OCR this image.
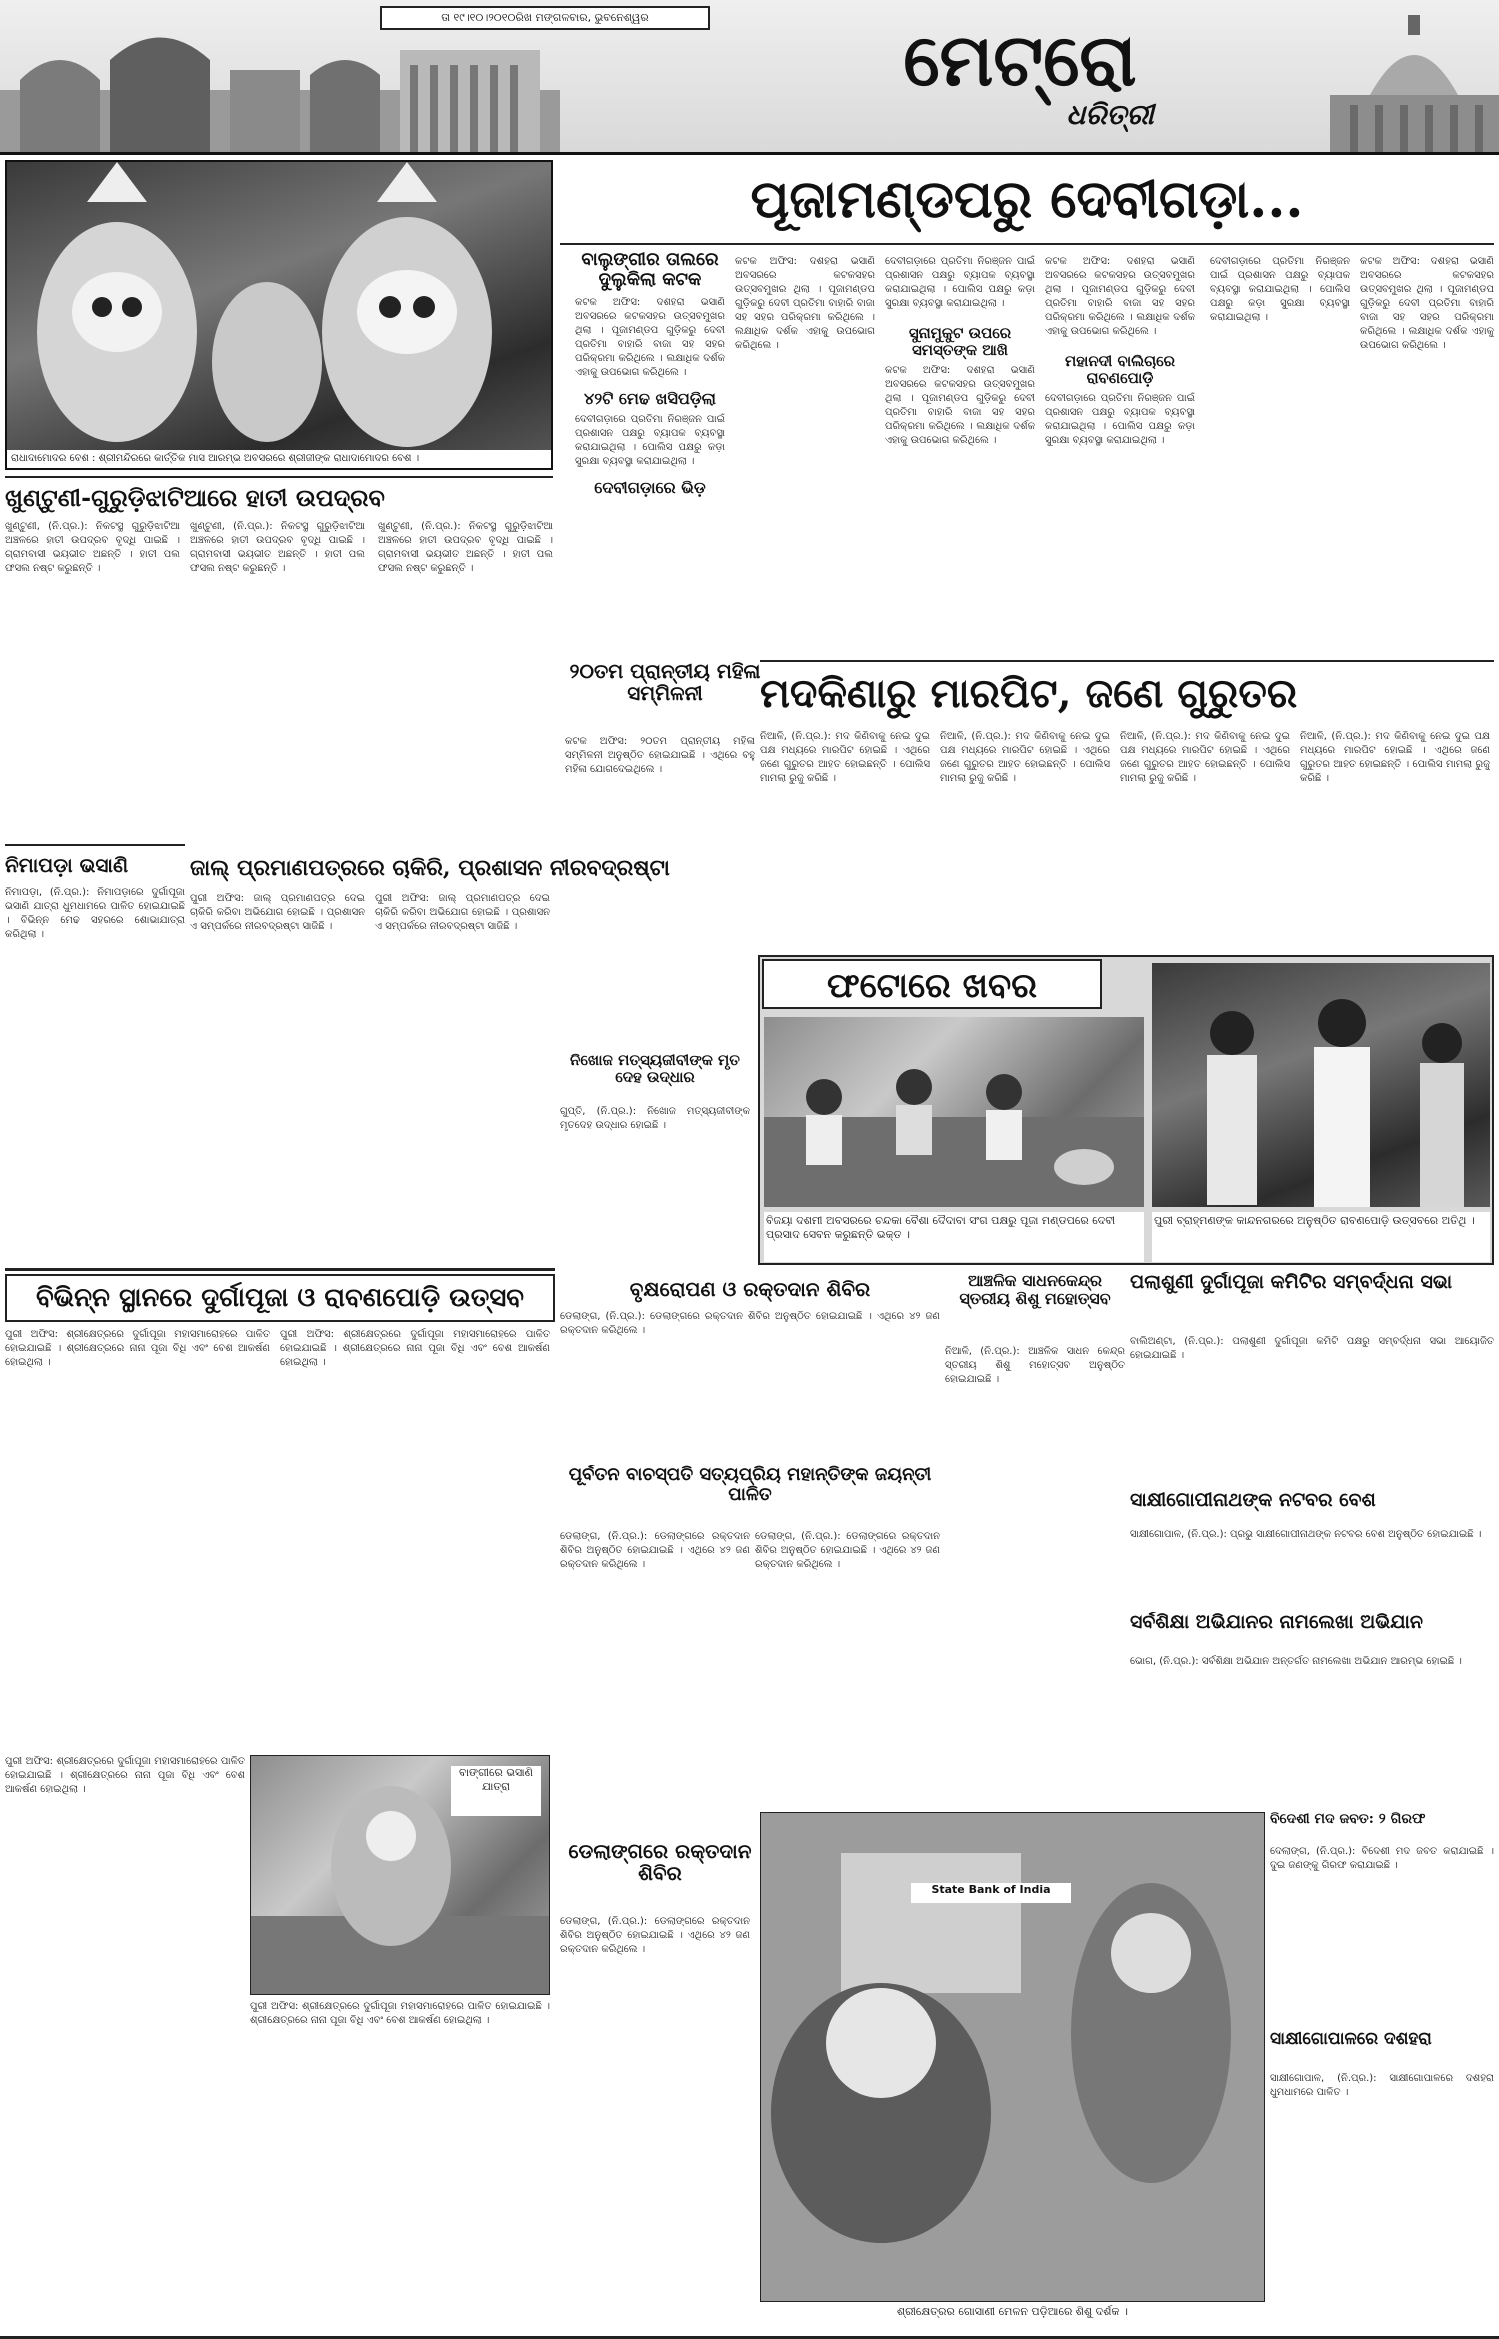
ତା ୧୯।୧୦।୨୦୧୦ରିଖ ମଙ୍ଗଳବାର, ଭୁବନେଶ୍ୱର	ମେଟ୍ରୋ
ଧରିତ୍ରୀ
ରାଧାଦାମୋଦର ବେଶ : ଶ୍ରୀମନ୍ଦିରରେ କାର୍ତ୍ତିକ ମାସ ଆରମ୍ଭ ଅବସରରେ ଶ୍ରୀଜୀଙ୍କ ରାଧାଦାମୋଦର ବେଶ ।
ପୂଜାମଣ୍ଡପରୁ ଦେବୀଗଡ଼ା...
ବାଲୁଙ୍ଗୀର ତାଲରେ ଦୁଲୁକିଲା କଟକ
କଟକ ଅଫିସ: ଦଶହରା ଭସାଣି ଅବସରରେ କଟକସହର ଉତ୍ସବମୁଖର ଥିଲା । ପୂଜାମଣ୍ଡପ ଗୁଡ଼ିକରୁ ଦେବୀ ପ୍ରତିମା ବାହାରି ବାଜା ସହ ସହର ପରିକ୍ରମା କରିଥିଲେ । ଲକ୍ଷାଧିକ ଦର୍ଶକ ଏହାକୁ ଉପଭୋଗ କରିଥିଲେ ।
୪୨ଟି ମେଢ ଖସିପଡ଼ିଲା
ଦେବୀଗଡ଼ାରେ ପ୍ରତିମା ନିରଞ୍ଜନ ପାଇଁ ପ୍ରଶାସନ ପକ୍ଷରୁ ବ୍ୟାପକ ବ୍ୟବସ୍ଥା କରାଯାଇଥିଲା । ପୋଲିସ ପକ୍ଷରୁ କଡ଼ା ସୁରକ୍ଷା ବ୍ୟବସ୍ଥା କରାଯାଇଥିଲା ।
ଦେବୀଗଡ଼ାରେ ଭିଡ଼
କଟକ ଅଫିସ: ଦଶହରା ଭସାଣି ଅବସରରେ କଟକସହର ଉତ୍ସବମୁଖର ଥିଲା । ପୂଜାମଣ୍ଡପ ଗୁଡ଼ିକରୁ ଦେବୀ ପ୍ରତିମା ବାହାରି ବାଜା ସହ ସହର ପରିକ୍ରମା କରିଥିଲେ । ଲକ୍ଷାଧିକ ଦର୍ଶକ ଏହାକୁ ଉପଭୋଗ କରିଥିଲେ ।
ଦେବୀଗଡ଼ାରେ ପ୍ରତିମା ନିରଞ୍ଜନ ପାଇଁ ପ୍ରଶାସନ ପକ୍ଷରୁ ବ୍ୟାପକ ବ୍ୟବସ୍ଥା କରାଯାଇଥିଲା । ପୋଲିସ ପକ୍ଷରୁ କଡ଼ା ସୁରକ୍ଷା ବ୍ୟବସ୍ଥା କରାଯାଇଥିଲା ।
ସୁନାମୁକୁଟ ଉପରେ ସମସ୍ତଙ୍କ ଆଖି
କଟକ ଅଫିସ: ଦଶହରା ଭସାଣି ଅବସରରେ କଟକସହର ଉତ୍ସବମୁଖର ଥିଲା । ପୂଜାମଣ୍ଡପ ଗୁଡ଼ିକରୁ ଦେବୀ ପ୍ରତିମା ବାହାରି ବାଜା ସହ ସହର ପରିକ୍ରମା କରିଥିଲେ । ଲକ୍ଷାଧିକ ଦର୍ଶକ ଏହାକୁ ଉପଭୋଗ କରିଥିଲେ ।
କଟକ ଅଫିସ: ଦଶହରା ଭସାଣି ଅବସରରେ କଟକସହର ଉତ୍ସବମୁଖର ଥିଲା । ପୂଜାମଣ୍ଡପ ଗୁଡ଼ିକରୁ ଦେବୀ ପ୍ରତିମା ବାହାରି ବାଜା ସହ ସହର ପରିକ୍ରମା କରିଥିଲେ । ଲକ୍ଷାଧିକ ଦର୍ଶକ ଏହାକୁ ଉପଭୋଗ କରିଥିଲେ ।
ମହାନଦୀ ବାଲିଚାରେ ରାବଣପୋଡ଼ି
ଦେବୀଗଡ଼ାରେ ପ୍ରତିମା ନିରଞ୍ଜନ ପାଇଁ ପ୍ରଶାସନ ପକ୍ଷରୁ ବ୍ୟାପକ ବ୍ୟବସ୍ଥା କରାଯାଇଥିଲା । ପୋଲିସ ପକ୍ଷରୁ କଡ଼ା ସୁରକ୍ଷା ବ୍ୟବସ୍ଥା କରାଯାଇଥିଲା ।
ଦେବୀଗଡ଼ାରେ ପ୍ରତିମା ନିରଞ୍ଜନ ପାଇଁ ପ୍ରଶାସନ ପକ୍ଷରୁ ବ୍ୟାପକ ବ୍ୟବସ୍ଥା କରାଯାଇଥିଲା । ପୋଲିସ ପକ୍ଷରୁ କଡ଼ା ସୁରକ୍ଷା ବ୍ୟବସ୍ଥା କରାଯାଇଥିଲା ।
କଟକ ଅଫିସ: ଦଶହରା ଭସାଣି ଅବସରରେ କଟକସହର ଉତ୍ସବମୁଖର ଥିଲା । ପୂଜାମଣ୍ଡପ ଗୁଡ଼ିକରୁ ଦେବୀ ପ୍ରତିମା ବାହାରି ବାଜା ସହ ସହର ପରିକ୍ରମା କରିଥିଲେ । ଲକ୍ଷାଧିକ ଦର୍ଶକ ଏହାକୁ ଉପଭୋଗ କରିଥିଲେ ।
ଖୁଣ୍ଟୁଣୀ-ଗୁରୁଡ଼ିଝାଟିଆରେ ହାତୀ ଉପଦ୍ରବ
ଖୁଣ୍ଟୁଣୀ, (ନି.ପ୍ର.): ନିକଟସ୍ଥ ଗୁରୁଡ଼ିଝାଟିଆ ଅଞ୍ଚଳରେ ହାତୀ ଉପଦ୍ରବ ବୃଦ୍ଧି ପାଇଛି । ଗ୍ରାମବାସୀ ଭୟଭୀତ ଅଛନ୍ତି । ହାତୀ ପଲ ଫସଲ ନଷ୍ଟ କରୁଛନ୍ତି ।
ଖୁଣ୍ଟୁଣୀ, (ନି.ପ୍ର.): ନିକଟସ୍ଥ ଗୁରୁଡ଼ିଝାଟିଆ ଅଞ୍ଚଳରେ ହାତୀ ଉପଦ୍ରବ ବୃଦ୍ଧି ପାଇଛି । ଗ୍ରାମବାସୀ ଭୟଭୀତ ଅଛନ୍ତି । ହାତୀ ପଲ ଫସଲ ନଷ୍ଟ କରୁଛନ୍ତି ।
ଖୁଣ୍ଟୁଣୀ, (ନି.ପ୍ର.): ନିକଟସ୍ଥ ଗୁରୁଡ଼ିଝାଟିଆ ଅଞ୍ଚଳରେ ହାତୀ ଉପଦ୍ରବ ବୃଦ୍ଧି ପାଇଛି । ଗ୍ରାମବାସୀ ଭୟଭୀତ ଅଛନ୍ତି । ହାତୀ ପଲ ଫସଲ ନଷ୍ଟ କରୁଛନ୍ତି ।
ନିମାପଡ଼ା ଭସାଣି
ନିମାପଡ଼ା, (ନି.ପ୍ର.): ନିମାପଡ଼ାରେ ଦୁର୍ଗାପୂଜା ଭସାଣି ଯାତ୍ରା ଧୁମଧାମରେ ପାଳିତ ହୋଇଯାଇଛି । ବିଭିନ୍ନ ମେଢ ସହରରେ ଶୋଭାଯାତ୍ରା କରିଥିଲା ।
ଜାଲ୍ ପ୍ରମାଣପତ୍ରରେ ଚାକିରି, ପ୍ରଶାସନ ନୀରବଦ୍ରଷ୍ଟା
ପୁରୀ ଅଫିସ: ଜାଲ୍ ପ୍ରମାଣପତ୍ର ଦେଇ ଚାକିରି କରିବା ଅଭିଯୋଗ ହୋଇଛି । ପ୍ରଶାସନ ଏ ସମ୍ପର୍କରେ ନୀରବଦ୍ରଷ୍ଟା ସାଜିଛି ।
ପୁରୀ ଅଫିସ: ଜାଲ୍ ପ୍ରମାଣପତ୍ର ଦେଇ ଚାକିରି କରିବା ଅଭିଯୋଗ ହୋଇଛି । ପ୍ରଶାସନ ଏ ସମ୍ପର୍କରେ ନୀରବଦ୍ରଷ୍ଟା ସାଜିଛି ।
୨୦ତମ ପ୍ରାନ୍ତୀୟ ମହିଳା ସମ୍ମିଳନୀ
କଟକ ଅଫିସ: ୨୦ତମ ପ୍ରାନ୍ତୀୟ ମହିଳା ସମ୍ମିଳନୀ ଅନୁଷ୍ଠିତ ହୋଇଯାଇଛି । ଏଥିରେ ବହୁ ମହିଳା ଯୋଗଦେଇଥିଲେ ।
ନିଖୋଜ ମତ୍ସ୍ୟଜୀବୀଙ୍କ ମୃତ ଦେହ ଉଦ୍ଧାର
ଗୁପ୍ତି, (ନି.ପ୍ର.): ନିଖୋଜ ମତ୍ସ୍ୟଜୀବୀଙ୍କ ମୃତଦେହ ଉଦ୍ଧାର ହୋଇଛି ।
ମଦକିଣାରୁ ମାରପିଟ, ଜଣେ ଗୁରୁତର
ନିଆଳି, (ନି.ପ୍ର.): ମଦ କିଣିବାକୁ ନେଇ ଦୁଇ ପକ୍ଷ ମଧ୍ୟରେ ମାରପିଟ ହୋଇଛି । ଏଥିରେ ଜଣେ ଗୁରୁତର ଆହତ ହୋଇଛନ୍ତି । ପୋଲିସ ମାମଲା ରୁଜୁ କରିଛି ।
ନିଆଳି, (ନି.ପ୍ର.): ମଦ କିଣିବାକୁ ନେଇ ଦୁଇ ପକ୍ଷ ମଧ୍ୟରେ ମାରପିଟ ହୋଇଛି । ଏଥିରେ ଜଣେ ଗୁରୁତର ଆହତ ହୋଇଛନ୍ତି । ପୋଲିସ ମାମଲା ରୁଜୁ କରିଛି ।
ନିଆଳି, (ନି.ପ୍ର.): ମଦ କିଣିବାକୁ ନେଇ ଦୁଇ ପକ୍ଷ ମଧ୍ୟରେ ମାରପିଟ ହୋଇଛି । ଏଥିରେ ଜଣେ ଗୁରୁତର ଆହତ ହୋଇଛନ୍ତି । ପୋଲିସ ମାମଲା ରୁଜୁ କରିଛି ।
ନିଆଳି, (ନି.ପ୍ର.): ମଦ କିଣିବାକୁ ନେଇ ଦୁଇ ପକ୍ଷ ମଧ୍ୟରେ ମାରପିଟ ହୋଇଛି । ଏଥିରେ ଜଣେ ଗୁରୁତର ଆହତ ହୋଇଛନ୍ତି । ପୋଲିସ ମାମଲା ରୁଜୁ କରିଛି ।
ଫଟୋରେ ଖବର
ବିଜୟା ଦଶମୀ ଅବସରରେ ଚନ୍ଦକା ବୈଶା ଦୈଦାବା ସଂଗ ପକ୍ଷରୁ ପୂଜା ମଣ୍ଡପରେ ଦେବୀ ପ୍ରସାଦ ସେବନ କରୁଛନ୍ତି ଭକ୍ତ ।
ପୁରୀ ବ୍ରାହ୍ମଣଙ୍କ କାନ୍ଦନଗରରେ ଅନୁଷ୍ଠିତ ରାବଣପୋଡ଼ି ଉତ୍ସବରେ ଅତିଥି ।
ବିଭିନ୍ନ ସ୍ଥାନରେ ଦୁର୍ଗାପୂଜା ଓ ରାବଣପୋଡ଼ି ଉତ୍ସବ
ପୁରୀ ଅଫିସ: ଶ୍ରୀକ୍ଷେତ୍ରରେ ଦୁର୍ଗାପୂଜା ମହାସମାରୋହରେ ପାଳିତ ହୋଇଯାଇଛି । ଶ୍ରୀକ୍ଷେତ୍ରରେ ନାନା ପୂଜା ବିଧି ଏବଂ ବେଶ ଆକର୍ଷଣ ହୋଇଥିଲା ।
ପୁରୀ ଅଫିସ: ଶ୍ରୀକ୍ଷେତ୍ରରେ ଦୁର୍ଗାପୂଜା ମହାସମାରୋହରେ ପାଳିତ ହୋଇଯାଇଛି । ଶ୍ରୀକ୍ଷେତ୍ରରେ ନାନା ପୂଜା ବିଧି ଏବଂ ବେଶ ଆକର୍ଷଣ ହୋଇଥିଲା ।
ବାଙ୍ଗୀରେ ଭସାଣି ଯାତ୍ରା
ପୁରୀ ଅଫିସ: ଶ୍ରୀକ୍ଷେତ୍ରରେ ଦୁର୍ଗାପୂଜା ମହାସମାରୋହରେ ପାଳିତ ହୋଇଯାଇଛି । ଶ୍ରୀକ୍ଷେତ୍ରରେ ନାନା ପୂଜା ବିଧି ଏବଂ ବେଶ ଆକର୍ଷଣ ହୋଇଥିଲା ।
ପୁରୀ ଅଫିସ: ଶ୍ରୀକ୍ଷେତ୍ରରେ ଦୁର୍ଗାପୂଜା ମହାସମାରୋହରେ ପାଳିତ ହୋଇଯାଇଛି । ଶ୍ରୀକ୍ଷେତ୍ରରେ ନାନା ପୂଜା ବିଧି ଏବଂ ବେଶ ଆକର୍ଷଣ ହୋଇଥିଲା ।
ବୃକ୍ଷରୋପଣ ଓ ରକ୍ତଦାନ ଶିବିର
ଡେଲାଙ୍ଗ, (ନି.ପ୍ର.): ଡେଲାଙ୍ଗରେ ରକ୍ତଦାନ ଶିବିର ଅନୁଷ୍ଠିତ ହୋଇଯାଇଛି । ଏଥିରେ ୪୨ ଜଣ ରକ୍ତଦାନ କରିଥିଲେ ।
ପୂର୍ବତନ ବାଚସ୍ପତି ସତ୍ୟପ୍ରିୟ ମହାନ୍ତିଙ୍କ ଜୟନ୍ତୀ ପାଳିତ
ଡେଲାଙ୍ଗ, (ନି.ପ୍ର.): ଡେଲାଙ୍ଗରେ ରକ୍ତଦାନ ଶିବିର ଅନୁଷ୍ଠିତ ହୋଇଯାଇଛି । ଏଥିରେ ୪୨ ଜଣ ରକ୍ତଦାନ କରିଥିଲେ ।
ଡେଲାଙ୍ଗ, (ନି.ପ୍ର.): ଡେଲାଙ୍ଗରେ ରକ୍ତଦାନ ଶିବିର ଅନୁଷ୍ଠିତ ହୋଇଯାଇଛି । ଏଥିରେ ୪୨ ଜଣ ରକ୍ତଦାନ କରିଥିଲେ ।
ଡେଲାଙ୍ଗରେ ରକ୍ତଦାନ ଶିବିର
ଡେଲାଙ୍ଗ, (ନି.ପ୍ର.): ଡେଲାଙ୍ଗରେ ରକ୍ତଦାନ ଶିବିର ଅନୁଷ୍ଠିତ ହୋଇଯାଇଛି । ଏଥିରେ ୪୨ ଜଣ ରକ୍ତଦାନ କରିଥିଲେ ।
ଆଞ୍ଚଳିକ ସାଧନକେନ୍ଦ୍ର ସ୍ତରୀୟ ଶିଶୁ ମହୋତ୍ସବ
ନିଆଳି, (ନି.ପ୍ର.): ଆଞ୍ଚଳିକ ସାଧନ କେନ୍ଦ୍ର ସ୍ତରୀୟ ଶିଶୁ ମହୋତ୍ସବ ଅନୁଷ୍ଠିତ ହୋଇଯାଇଛି ।
ପଲାଶୁଣୀ ଦୁର୍ଗାପୂଜା କମିଟିର ସମ୍ବର୍ଦ୍ଧନା ସଭା
ବାଲିଅଣ୍ଟା, (ନି.ପ୍ର.): ପଲାଶୁଣୀ ଦୁର୍ଗାପୂଜା କମିଟି ପକ୍ଷରୁ ସମ୍ବର୍ଦ୍ଧନା ସଭା ଆୟୋଜିତ ହୋଇଯାଇଛି ।
ସାକ୍ଷୀଗୋପୀନାଥଙ୍କ ନଟବର ବେଶ
ସାକ୍ଷୀଗୋପାଳ, (ନି.ପ୍ର.): ପ୍ରଭୁ ସାକ୍ଷୀଗୋପୀନାଥଙ୍କ ନଟବର ବେଶ ଅନୁଷ୍ଠିତ ହୋଇଯାଇଛି ।
ସର୍ବଶିକ୍ଷା ଅଭିଯାନର ନାମଲେଖା ଅଭିଯାନ
ଭୋଗ, (ନି.ପ୍ର.): ସର୍ବଶିକ୍ଷା ଅଭିଯାନ ଅନ୍ତର୍ଗତ ନାମଲେଖା ଅଭିଯାନ ଆରମ୍ଭ ହୋଇଛି ।
ବିଦେଶୀ ମଦ ଜବତ: ୨ ଗିରଫ
ଦେଲାଙ୍ଗ, (ନି.ପ୍ର.): ବିଦେଶୀ ମଦ ଜବତ କରାଯାଇଛି । ଦୁଇ ଜଣଙ୍କୁ ଗିରଫ କରାଯାଇଛି ।
ସାକ୍ଷୀଗୋପାଳରେ ଦଶହରା
ସାକ୍ଷୀଗୋପାଳ, (ନି.ପ୍ର.): ସାକ୍ଷୀଗୋପାଳରେ ଦଶହରା ଧୁମଧାମରେ ପାଳିତ ।
State Bank of India
ଶ୍ରୀକ୍ଷେତ୍ରର ଗୋସାଣୀ ମେଳନ ପଡ଼ିଆରେ ଶିଶୁ ଦର୍ଶକ ।
